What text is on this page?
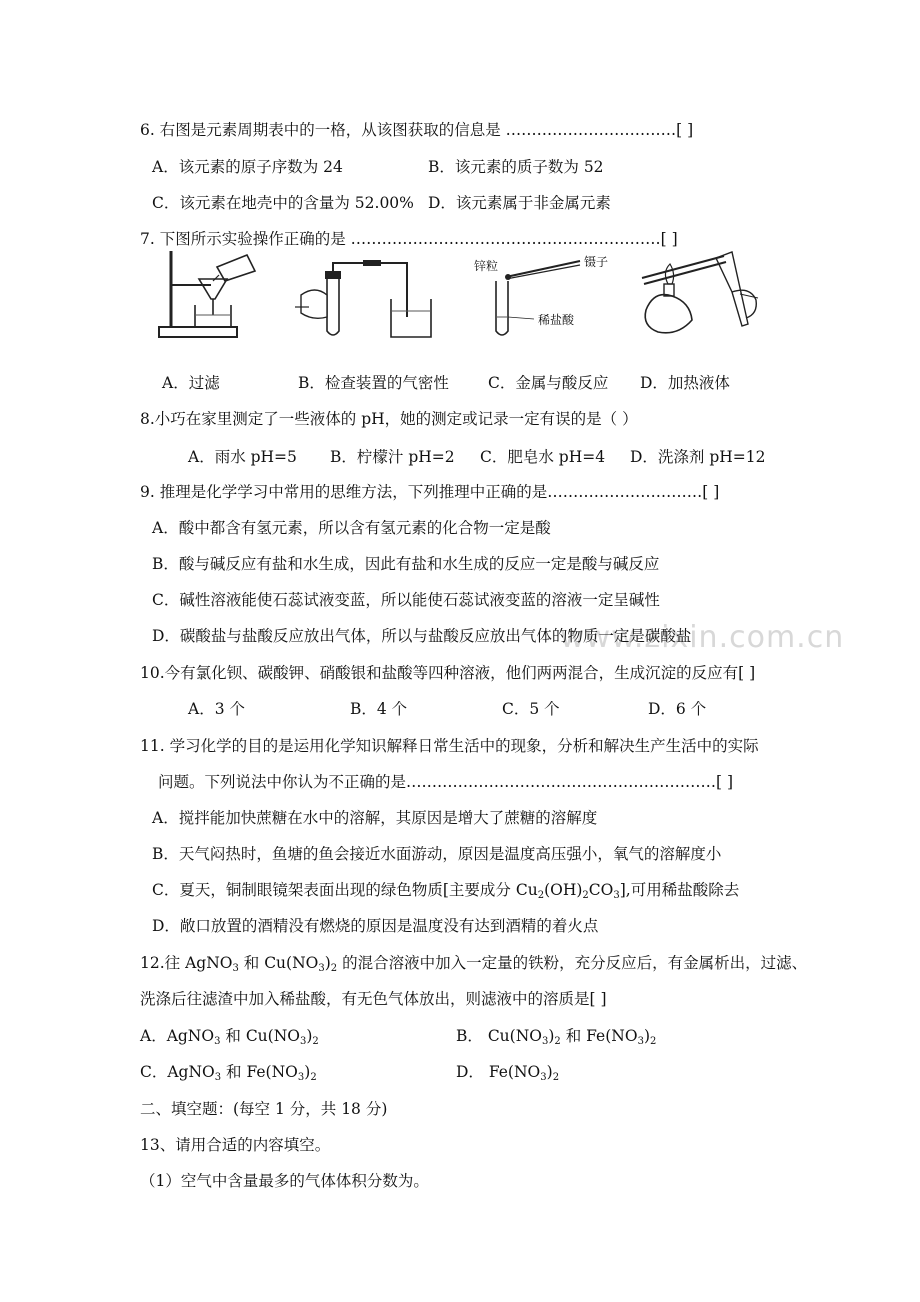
www.zixin.com.cn
6. 右图是元素周期表中的一格，从该图获取的信息是 ……………………………[ ]
A．该元素的原子序数为 24	B．该元素的质子数为 52
C．该元素在地壳中的含量为 52.00% D．该元素属于非金属元素
7. 下图所示实验操作正确的是 ……………………………………………………[ ]
锌粒	镊子
稀盐酸
A．过滤	B．检查装置的气密性	C．金属与酸反应 D．加热液体
8.小巧在家里测定了一些液体的 pH，她的测定或记录一定有误的是（ ）
A．雨水 pH=5 B．柠檬汁 pH=2 C．肥皂水 pH=4 D．洗涤剂 pH=12
9. 推理是化学学习中常用的思维方法，下列推理中正确的是…………………………[ ]
A．酸中都含有氢元素，所以含有氢元素的化合物一定是酸
B．酸与碱反应有盐和水生成，因此有盐和水生成的反应一定是酸与碱反应
C．碱性溶液能使石蕊试液变蓝，所以能使石蕊试液变蓝的溶液一定呈碱性
D．碳酸盐与盐酸反应放出气体，所以与盐酸反应放出气体的物质一定是碳酸盐
10.今有氯化钡、碳酸钾、硝酸银和盐酸等四种溶液，他们两两混合，生成沉淀的反应有[ ]
A．3 个	B．4 个	C．5 个	D．6 个
11. 学习化学的目的是运用化学知识解释日常生活中的现象，分析和解决生产生活中的实际
问题。下列说法中你认为不正确的是……………………………………………………[ ]
A．搅拌能加快蔗糖在水中的溶解，其原因是增大了蔗糖的溶解度
B．天气闷热时，鱼塘的鱼会接近水面游动，原因是温度高压强小，氧气的溶解度小
C．夏天，铜制眼镜架表面出现的绿色物质[主要成分 $Cu_2(OH)_2CO_3$],可用稀盐酸除去
D．敞口放置的酒精没有燃烧的原因是温度没有达到酒精的着火点
12.往 AgNO$_3$ 和 $Cu(NO_3)_2$ 的混合溶液中加入一定量的铁粉，充分反应后，有金属析出，过滤、
洗涤后往滤渣中加入稀盐酸，有无色气体放出，则滤液中的溶质是[ ]
A．AgNO$_3$ 和 $Cu(NO_3)_2$	B． $Cu(NO_3)_2$ 和 $Fe(NO_3)_2$
C．AgNO$_3$ 和 $Fe(NO_3)_2$	D． $Fe(NO_3)_2$
二、填空题：(每空 1 分，共 18 分)
13、请用合适的内容填空。
（1）空气中含量最多的气体体积分数为。
